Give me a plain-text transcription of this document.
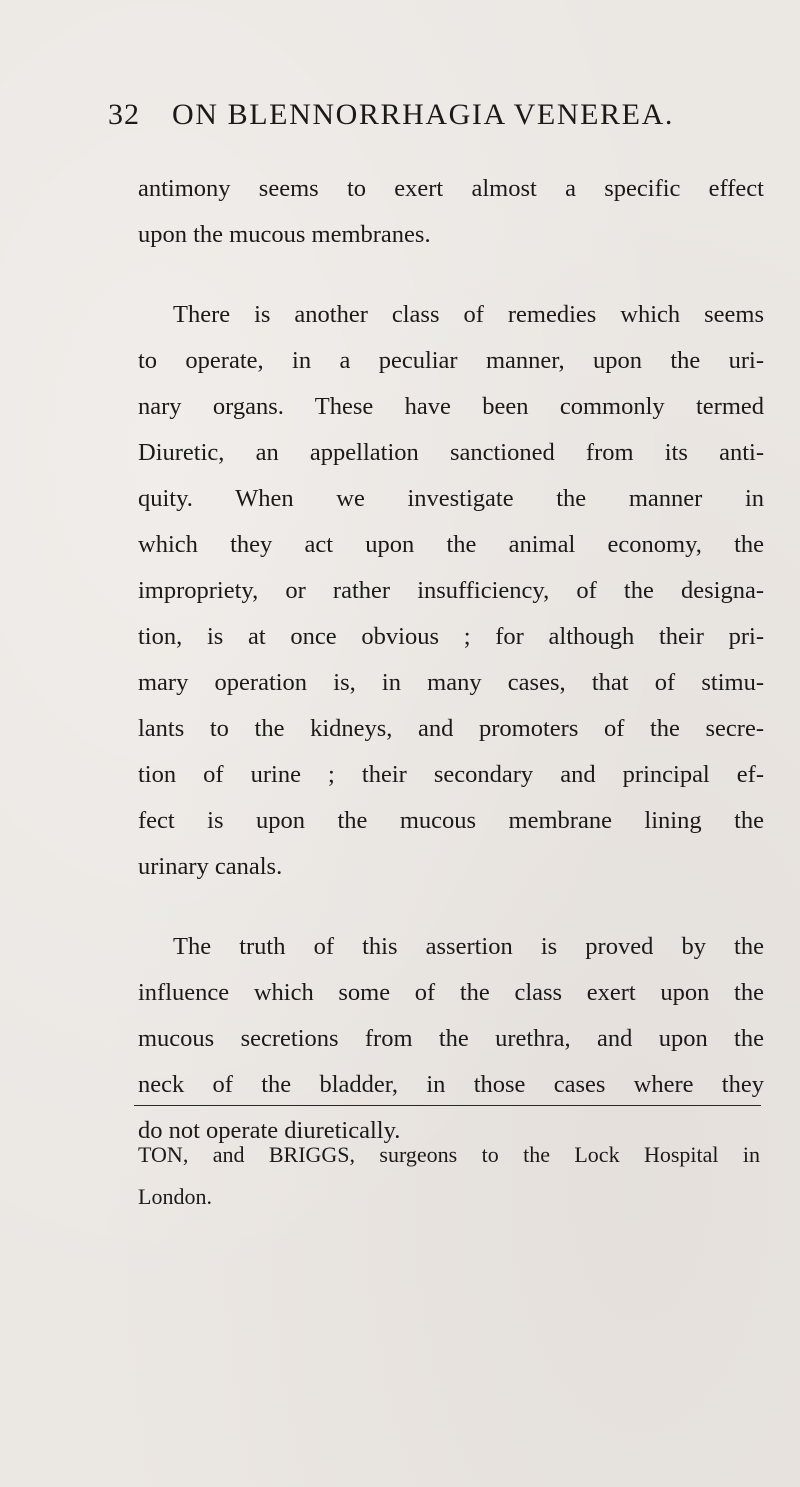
32 ON BLENNORRHAGIA VENEREA.
antimony seems to exert almost a specific effect
upon the mucous membranes.
There is another class of remedies which seems
to operate, in a peculiar manner, upon the uri-
nary organs. These have been commonly termed
Diuretic, an appellation sanctioned from its anti-
quity. When we investigate the manner in
which they act upon the animal economy, the
impropriety, or rather insufficiency, of the designa-
tion, is at once obvious ; for although their pri-
mary operation is, in many cases, that of stimu-
lants to the kidneys, and promoters of the secre-
tion of urine ; their secondary and principal ef-
fect is upon the mucous membrane lining the
urinary canals.
The truth of this assertion is proved by the
influence which some of the class exert upon the
mucous secretions from the urethra, and upon the
neck of the bladder, in those cases where they
do not operate diuretically.
TON, and BRIGGS, surgeons to the Lock Hospital in
London.
